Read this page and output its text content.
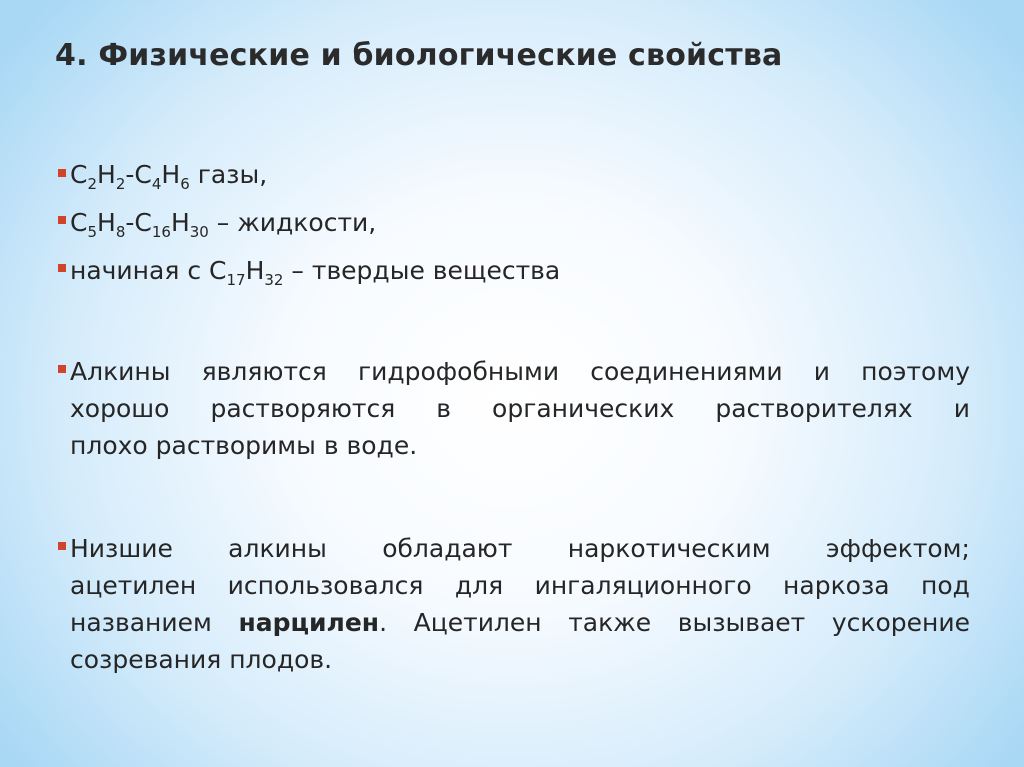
4. Физические и биологические свойства
$C_2H_2-C_4H_6$ газы,
$C_5H_8-C_{16}H_{30}$ – жидкости,
начиная с $C_{17}H_{32}$ – твердые вещества
Алкины являются гидрофобными соединениями и поэтому
хорошо растворяются в органических растворителях и
плохо растворимы в воде.
Низшие алкины обладают наркотическим эффектом;
ацетилен использовался для ингаляционного наркоза под
названием нарцилен. Ацетилен также вызывает ускорение
созревания плодов.
